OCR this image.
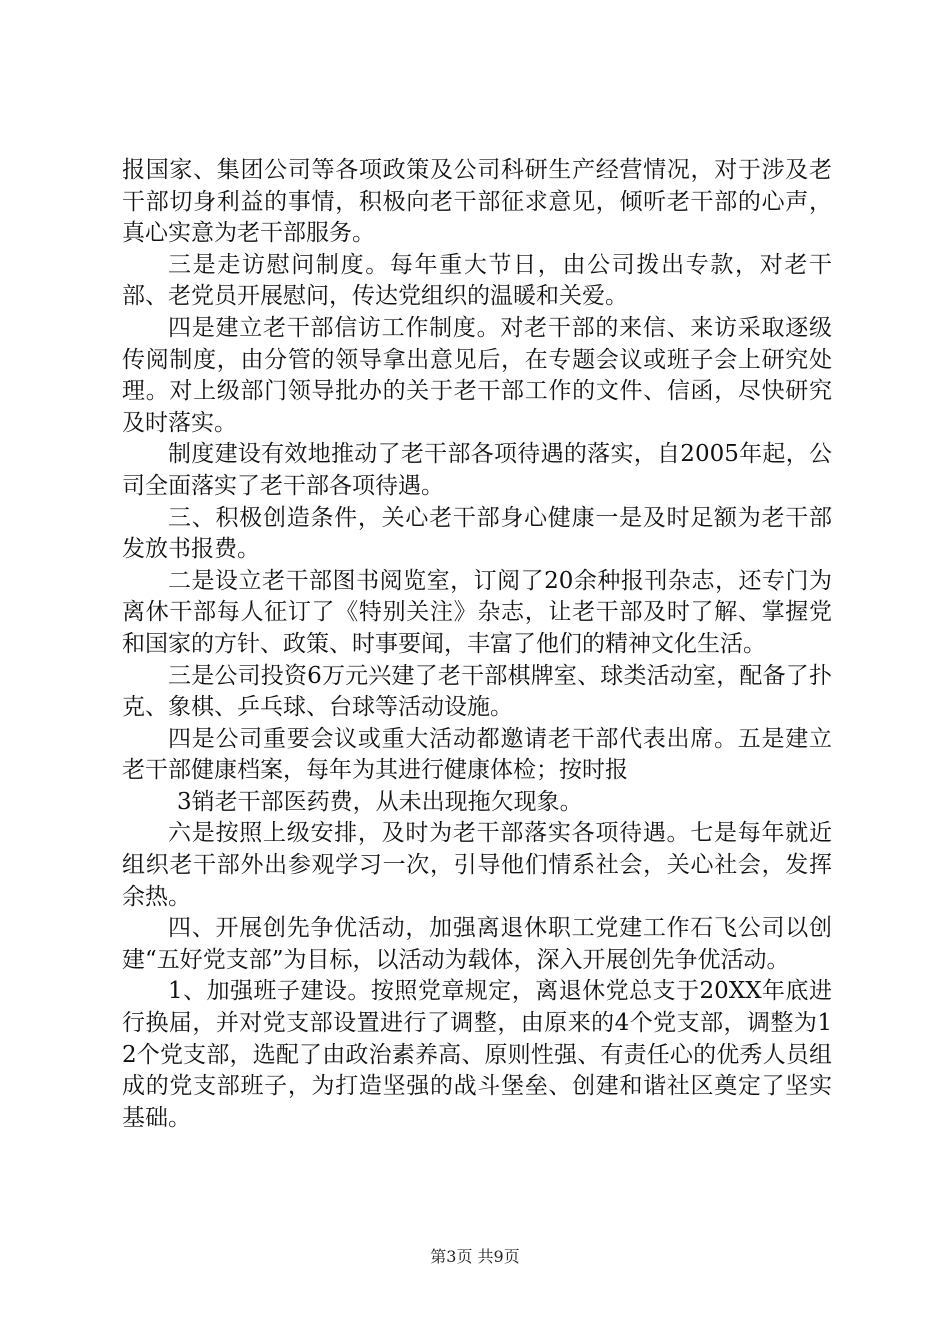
报国家、集团公司等各项政策及公司科研生产经营情况，对于涉及老干部切身利益的事情，积极向老干部征求意见，倾听老干部的心声，真心实意为老干部服务。

三是走访慰问制度。每年重大节日，由公司拨出专款，对老干部、老党员开展慰问，传达党组织的温暖和关爱。

四是建立老干部信访工作制度。对老干部的来信、来访采取逐级传阅制度，由分管的领导拿出意见后，在专题会议或班子会上研究处理。对上级部门领导批办的关于老干部工作的文件、信函，尽快研究及时落实。

制度建设有效地推动了老干部各项待遇的落实，自2005年起，公司全面落实了老干部各项待遇。

三、积极创造条件，关心老干部身心健康一是及时足额为老干部发放书报费。

二是设立老干部图书阅览室，订阅了20余种报刊杂志，还专门为离休干部每人征订了《特别关注》杂志，让老干部及时了解、掌握党和国家的方针、政策、时事要闻，丰富了他们的精神文化生活。

三是公司投资6万元兴建了老干部棋牌室、球类活动室，配备了扑克、象棋、乒乓球、台球等活动设施。

四是公司重要会议或重大活动都邀请老干部代表出席。五是建立老干部健康档案，每年为其进行健康体检；按时报

3销老干部医药费，从未出现拖欠现象。

六是按照上级安排，及时为老干部落实各项待遇。七是每年就近组织老干部外出参观学习一次，引导他们情系社会，关心社会，发挥余热。

四、开展创先争优活动，加强离退休职工党建工作石飞公司以创建“五好党支部”为目标，以活动为载体，深入开展创先争优活动。

1、加强班子建设。按照党章规定，离退休党总支于20XX年底进行换届，并对党支部设置进行了调整，由原来的4个党支部，调整为12个党支部，选配了由政治素养高、原则性强、有责任心的优秀人员组成的党支部班子，为打造坚强的战斗堡垒、创建和谐社区奠定了坚实基础。

第3页 共9页
